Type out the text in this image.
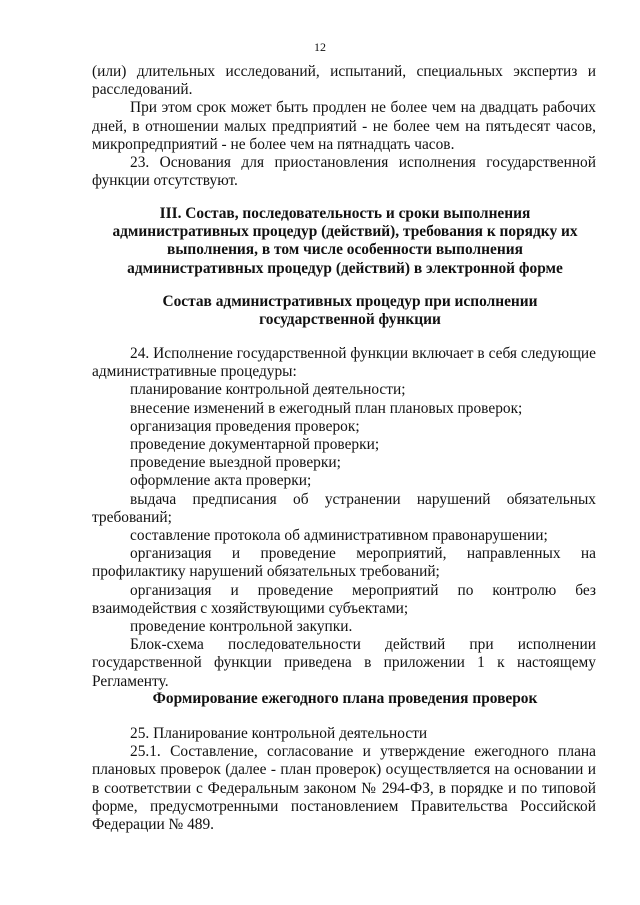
12

(или) длительных исследований, испытаний, специальных экспертиз и расследований.

При этом срок может быть продлен не более чем на двадцать рабочих дней, в отношении малых предприятий - не более чем на пятьдесят часов, микропредприятий - не более чем на пятнадцать часов.

23. Основания для приостановления исполнения государственной функции отсутствуют.

III. Состав, последовательность и сроки выполнения административных процедур (действий), требования к порядку их выполнения, в том числе особенности выполнения административных процедур (действий) в электронной форме

Состав административных процедур при исполнении государственной функции

24. Исполнение государственной функции включает в себя следующие административные процедуры:

планирование контрольной деятельности;

внесение изменений в ежегодный план плановых проверок;

организация проведения проверок;

проведение документарной проверки;

проведение выездной проверки;

оформление акта проверки;

выдача предписания об устранении нарушений обязательных требований;

составление протокола об административном правонарушении;

организация и проведение мероприятий, направленных на профилактику нарушений обязательных требований;

организация и проведение мероприятий по контролю без взаимодействия с хозяйствующими субъектами;

проведение контрольной закупки.

Блок-схема последовательности действий при исполнении государственной функции приведена в приложении 1 к настоящему Регламенту.

Формирование ежегодного плана проведения проверок

25. Планирование контрольной деятельности

25.1. Составление, согласование и утверждение ежегодного плана плановых проверок (далее - план проверок) осуществляется на основании и в соответствии с Федеральным законом № 294-ФЗ, в порядке и по типовой форме, предусмотренными постановлением Правительства Российской Федерации № 489.
